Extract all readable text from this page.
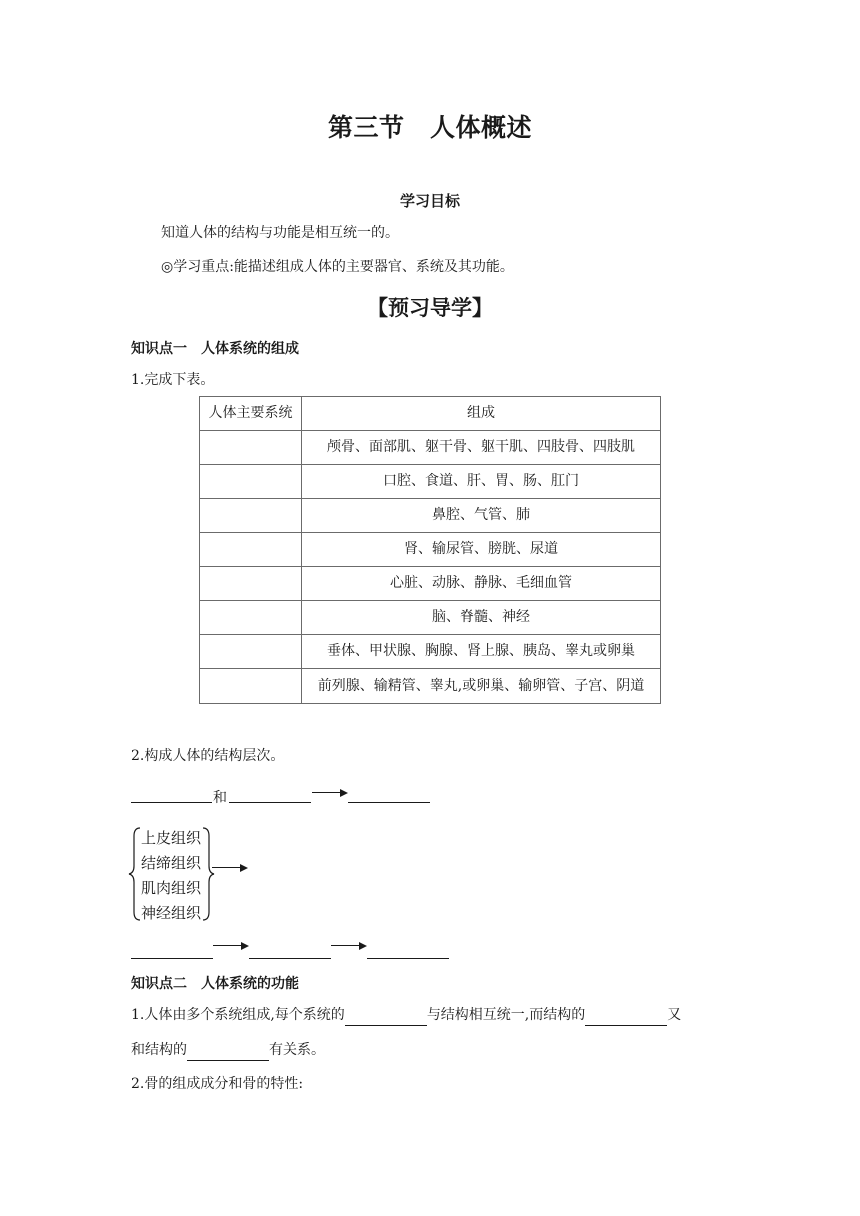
第三节　人体概述
学习目标
知道人体的结构与功能是相互统一的。
◎学习重点:能描述组成人体的主要器官、系统及其功能。
【预习导学】
知识点一　人体系统的组成
1.完成下表。
人体主要系统	组成
	颅骨、面部肌、躯干骨、躯干肌、四肢骨、四肢肌
	口腔、食道、肝、胃、肠、肛门
	鼻腔、气管、肺
	肾、输尿管、膀胱、尿道
	心脏、动脉、静脉、毛细血管
	脑、脊髓、神经
	垂体、甲状腺、胸腺、肾上腺、胰岛、睾丸或卵巢
	前列腺、输精管、睾丸,或卵巢、输卵管、子宫、阴道
2.构成人体的结构层次。
和
上皮组织
结缔组织
肌肉组织
神经组织
知识点二　人体系统的功能
1.人体由多个系统组成,每个系统的	与结构相互统一,而结构的	又
和结构的	有关系。
2.骨的组成成分和骨的特性:
